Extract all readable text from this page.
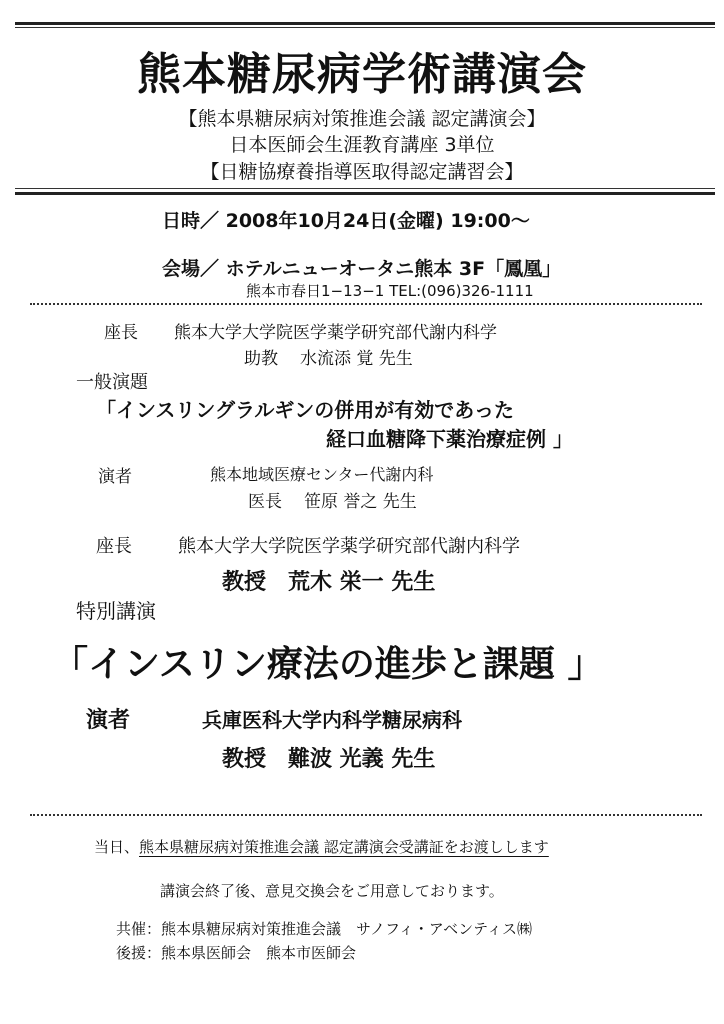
熊本糖尿病学術講演会
【熊本県糖尿病対策推進会議 認定講演会】
日本医師会生涯教育講座 3単位
【日糖協療養指導医取得認定講習会】
日時／ 2008年10月24日(金曜) 19:00～
会場／ ホテルニューオータニ熊本 3F「鳳凰」
熊本市春日1−13−1 TEL:(096)326-1111
座長 熊本大学大学院医学薬学研究部代謝内科学
助教 水流添 覚 先生
一般演題
「インスリングラルギンの併用が有効であった
経口血糖降下薬治療症例 」
演者	熊本地域医療センター代謝内科
医長 笹原 誉之 先生
座長	熊本大学大学院医学薬学研究部代謝内科学
教授 荒木 栄一 先生
特別講演
「インスリン療法の進歩と課題 」
演者	兵庫医科大学内科学糖尿病科
教授 難波 光義 先生
当日、熊本県糖尿病対策推進会議 認定講演会受講証をお渡しします
講演会終了後、意見交換会をご用意しております。
共催：熊本県糖尿病対策推進会議　サノフィ・アベンティス㈱
後援：熊本県医師会　熊本市医師会
